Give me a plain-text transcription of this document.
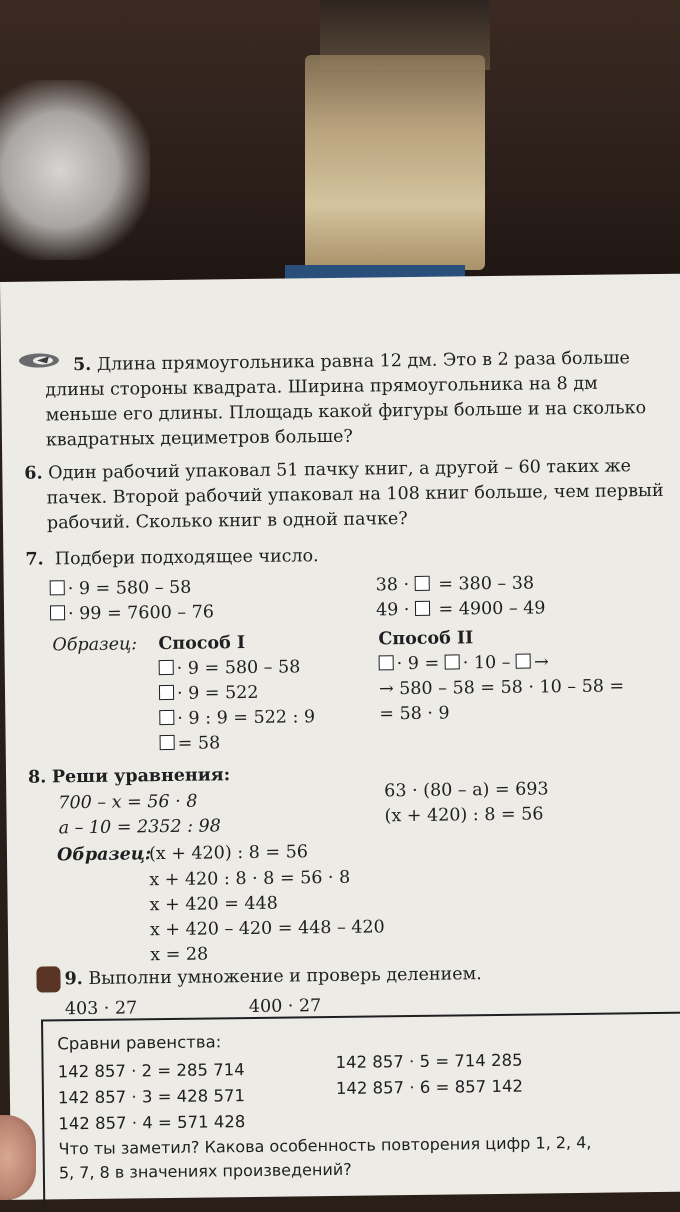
5. Длина прямоугольника равна 12 дм. Это в 2 раза больше
длины стороны квадрата. Ширина прямоугольника на 8 дм
меньше его длины. Площадь какой фигуры больше и на сколько
квадратных дециметров больше?
6. Один рабочий упаковал 51 пачку книг, а другой – 60 таких же
пачек. Второй рабочий упаковал на 108 книг больше, чем первый
рабочий. Сколько книг в одной пачке?
7. Подбери подходящее число.
· 9 = 580 – 58
· 99 = 7600 – 76
38 ·  = 380 – 38
49 ·  = 4900 – 49
Образец:	Способ I
· 9 = 580 – 58
· 9 = 522
· 9 : 9 = 522 : 9
= 58
Способ II
· 9 = · 10 – →
→ 580 – 58 = 58 · 10 – 58 =
= 58 · 9
8. Реши уравнения:
700 – x = 56 · 8
a – 10 = 2352 : 98
63 · (80 – a) = 693
(x + 420) : 8 = 56
Образец:
(x + 420) : 8 = 56
x + 420 : 8 · 8 = 56 · 8
x + 420 = 448
x + 420 – 420 = 448 – 420
x = 28
9. Выполни умножение и проверь делением.
403 · 27	400 · 27
Сравни равенства:
142 857 · 2 = 285 714
142 857 · 3 = 428 571
142 857 · 4 = 571 428
142 857 · 5 = 714 285
142 857 · 6 = 857 142
Что ты заметил? Какова особенность повторения цифр 1, 2, 4,
5, 7, 8 в значениях произведений?
